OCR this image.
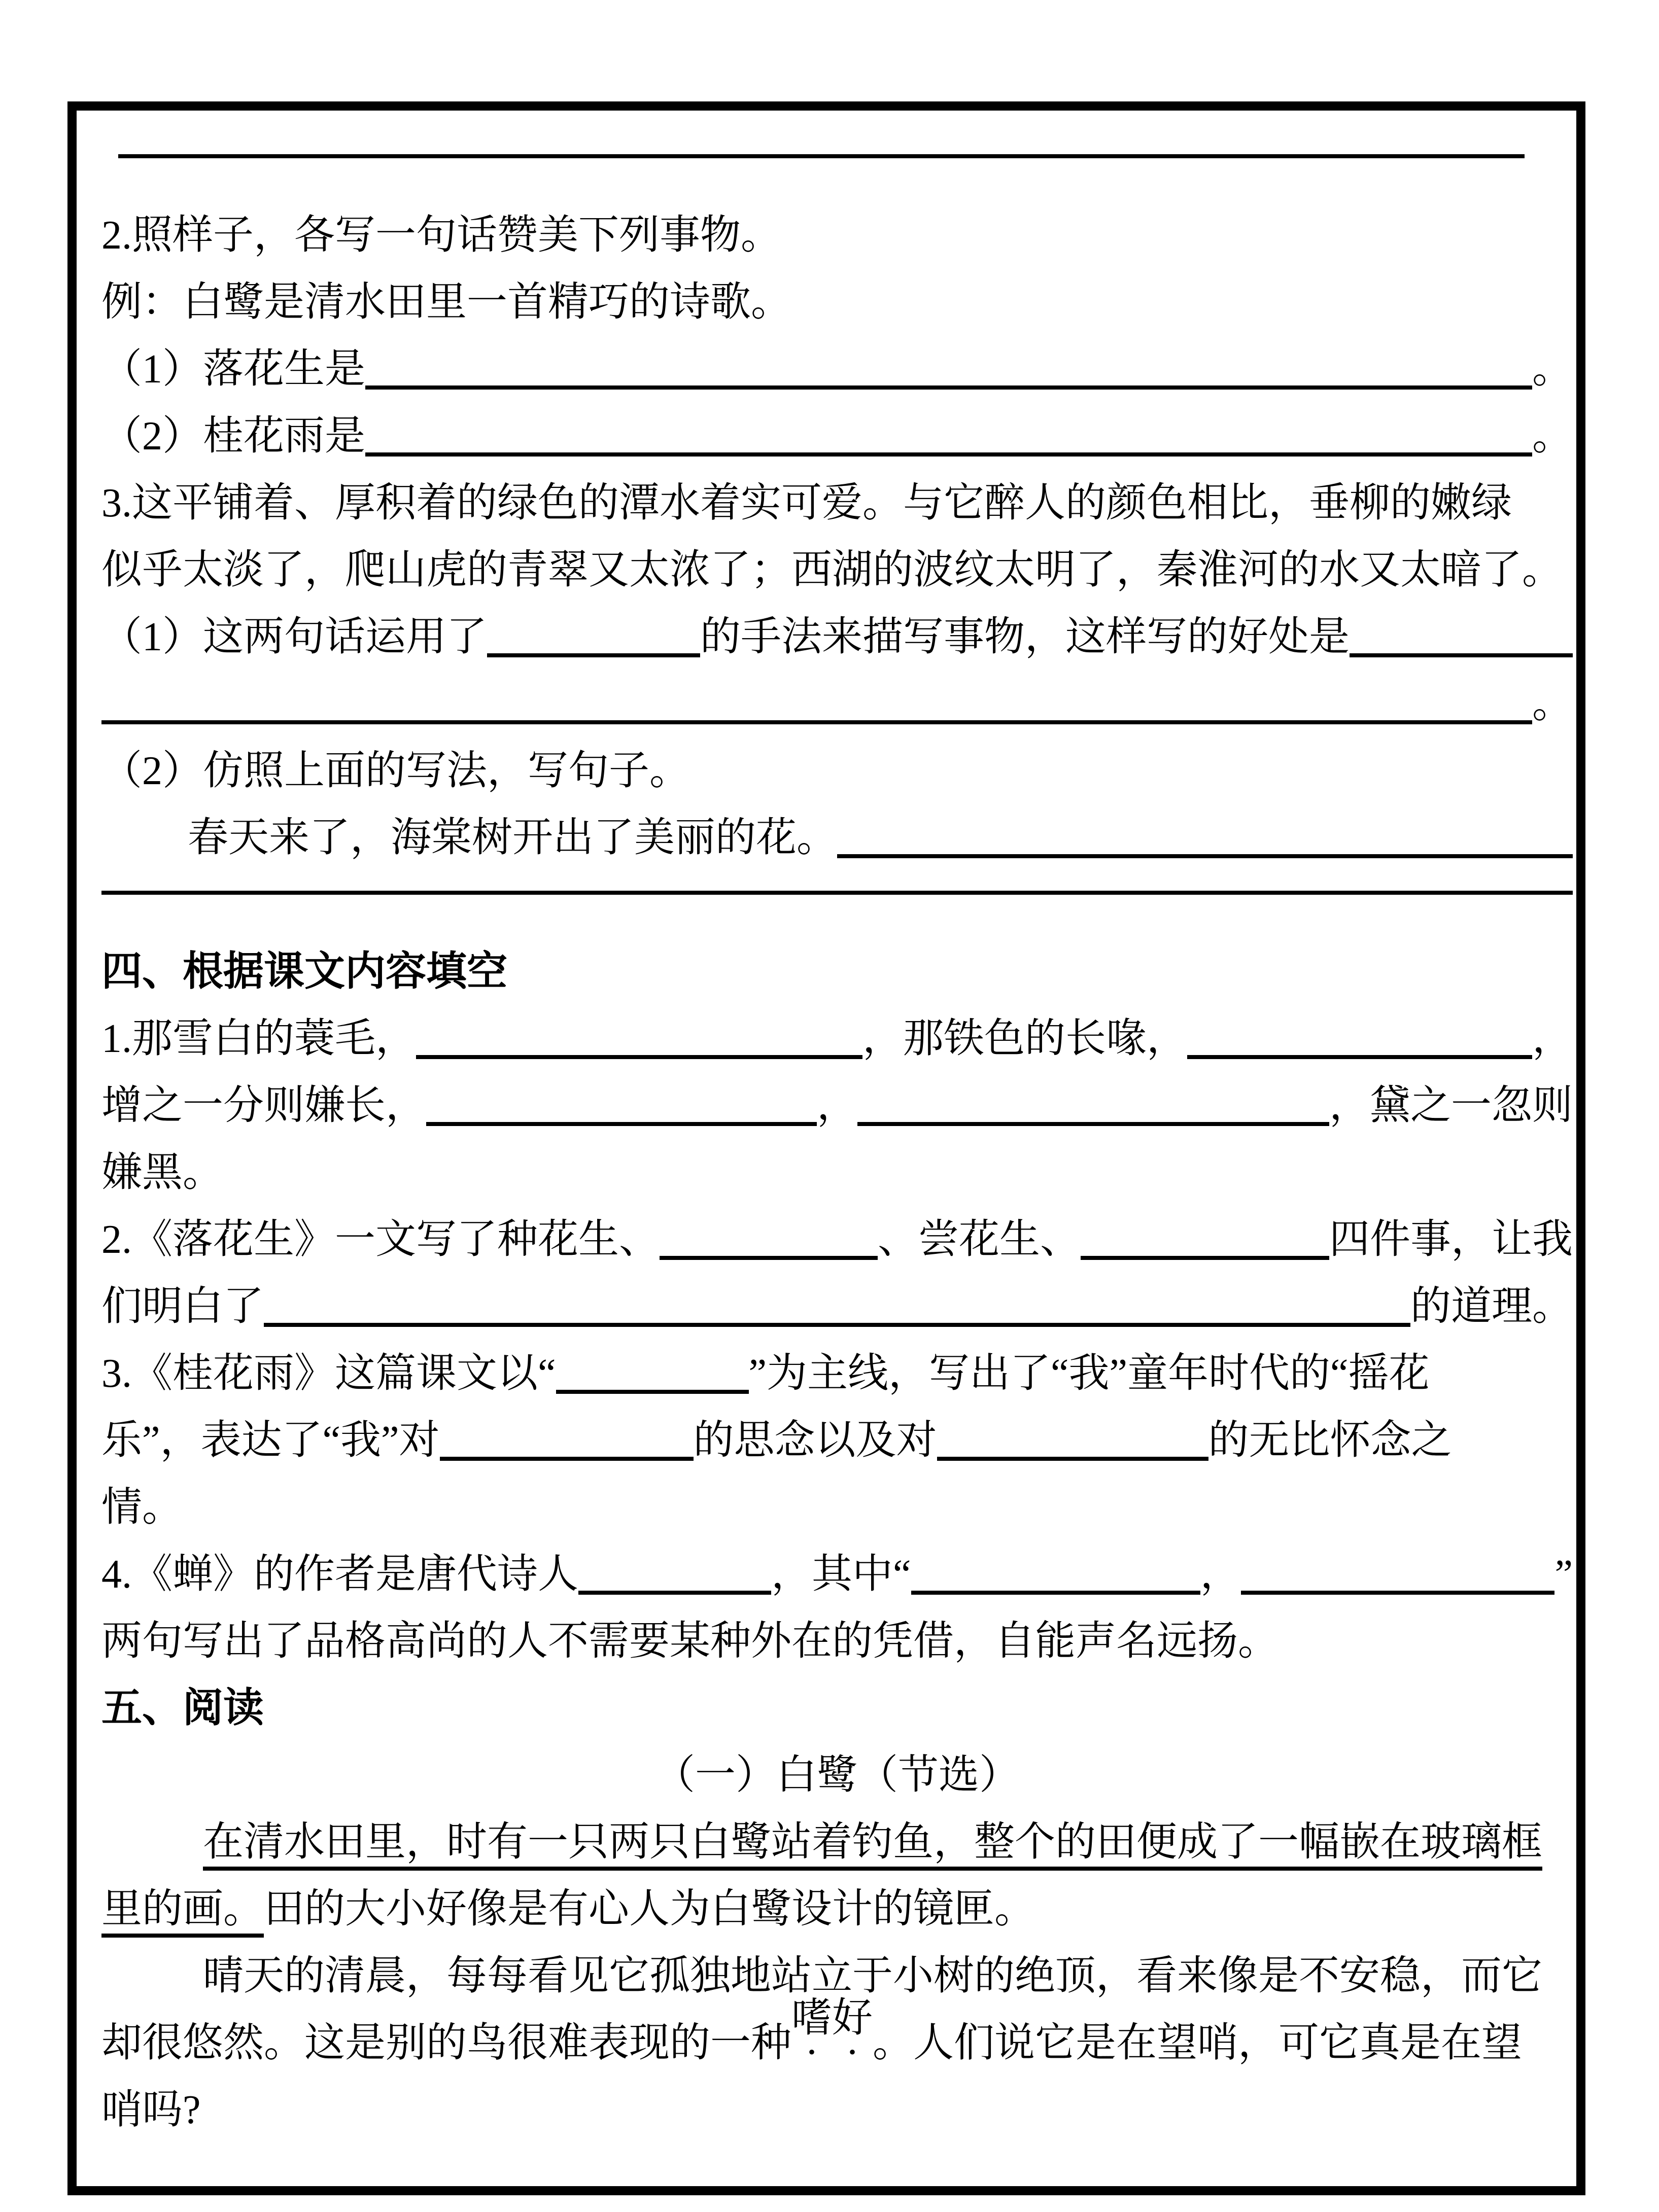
2.照样子，各写一句话赞美下列事物。
例：白鹭是清水田里一首精巧的诗歌。
（1）落花生是	。
（2）桂花雨是	。
3.这平铺着、厚积着的绿色的潭水着实可爱。与它醉人的颜色相比，垂柳的嫩绿
似乎太淡了，爬山虎的青翠又太浓了；西湖的波纹太明了，秦淮河的水又太暗了。
（1）这两句话运用了	的手法来描写事物，这样写的好处是
。
（2）仿照上面的写法，写句子。
春天来了，海棠树开出了美丽的花。
四、根据课文内容填空
1.那雪白的蓑毛，	，那铁色的长喙，	，
增之一分则嫌长，	，	，黛之一忽则
嫌黑。
2.《落花生》一文写了种花生、	、尝花生、	四件事，让我
们明白了	的道理。
3.《桂花雨》这篇课文以“	”为主线，写出了“我”童年时代的“摇花
乐”，表达了“我”对	的思念以及对	的无比怀念之
情。
4.《蝉》的作者是唐代诗人	，其中“	，	”
两句写出了品格高尚的人不需要某种外在的凭借，自能声名远扬。
五、阅读
（一）白鹭（节选）
在清水田里，时有一只两只白鹭站着钓鱼，整个的田便成了一幅嵌在玻璃框
里的画。 田的大小好像是有心人为白鹭设计的镜匣。
晴天的清晨，每每看见它孤独地站立于小树的绝顶，看来像是不安稳，而它
却很悠然。这是别的鸟很难表现的一种
嗜好
。人们说它是在望哨，可它真是在望
哨吗?
